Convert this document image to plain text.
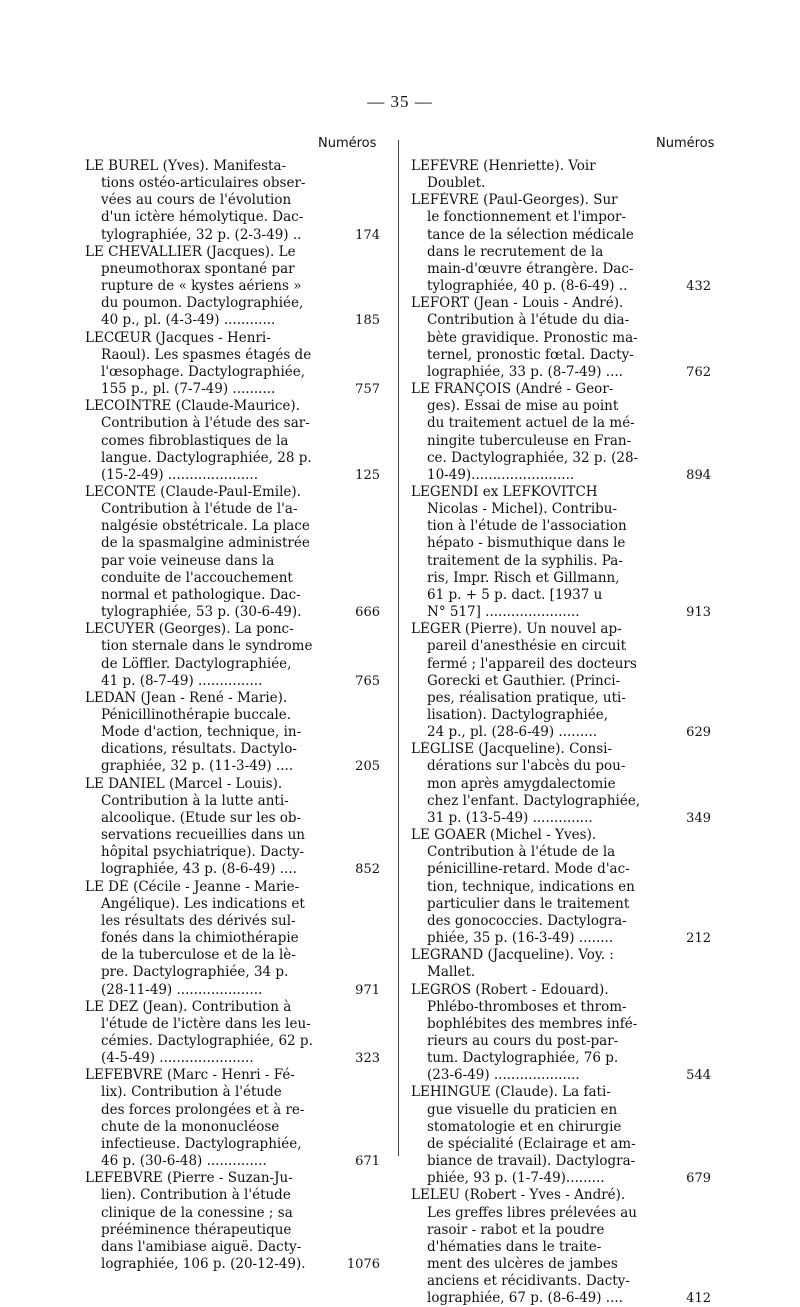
— 35 —
Numéros	Numéros
LE BUREL (Yves). Manifesta-
tions ostéo-articulaires obser-
vées au cours de l'évolution
d'un ictère hémolytique. Dac-
tylographiée, 32 p. (2-3-49) ..	174
LE CHEVALLIER (Jacques). Le
pneumothorax spontané par
rupture de « kystes aériens »
du poumon. Dactylographiée,
40 p., pl. (4-3-49) ............	185
LECŒUR (Jacques - Henri-
Raoul). Les spasmes étagés de
l'œsophage. Dactylographiée,
155 p., pl. (7-7-49) ..........	757
LECOINTRE (Claude-Maurice).
Contribution à l'étude des sar-
comes fibroblastiques de la
langue. Dactylographiée, 28 p.
(15-2-49) .....................	125
LECONTE (Claude-Paul-Emile).
Contribution à l'étude de l'a-
nalgésie obstétricale. La place
de la spasmalgine administrée
par voie veineuse dans la
conduite de l'accouchement
normal et pathologique. Dac-
tylographiée, 53 p. (30-6-49).	666
LECUYER (Georges). La ponc-
tion sternale dans le syndrome
de Löffler. Dactylographiée,
41 p. (8-7-49) ...............	765
LEDAN (Jean - René - Marie).
Pénicillinothérapie buccale.
Mode d'action, technique, in-
dications, résultats. Dactylo-
graphiée, 32 p. (11-3-49) ....	205
LE DANIEL (Marcel - Louis).
Contribution à la lutte anti-
alcoolique. (Etude sur les ob-
servations recueillies dans un
hôpital psychiatrique). Dacty-
lographiée, 43 p. (8-6-49) ....	852
LE DÉ (Cécile - Jeanne - Marie-
Angélique). Les indications et
les résultats des dérivés sul-
fonés dans la chimiothérapie
de la tuberculose et de la lè-
pre. Dactylographiée, 34 p.
(28-11-49) ....................	971
LE DEZ (Jean). Contribution à
l'étude de l'ictère dans les leu-
cémies. Dactylographiée, 62 p.
(4-5-49) ......................	323
LEFEBVRE (Marc - Henri - Fé-
lix). Contribution à l'étude
des forces prolongées et à re-
chute de la mononucléose
infectieuse. Dactylographiée,
46 p. (30-6-48) ..............	671
LEFEBVRE (Pierre - Suzan-Ju-
lien). Contribution à l'étude
clinique de la conessine ; sa
prééminence thérapeutique
dans l'amibiase aiguë. Dacty-
lographiée, 106 p. (20-12-49).	1076
LEFÈVRE (Henriette). Voir
Doublet.
LEFÈVRE (Paul-Georges). Sur
le fonctionnement et l'impor-
tance de la sélection médicale
dans le recrutement de la
main-d'œuvre étrangère. Dac-
tylographiée, 40 p. (8-6-49) ..	432
LEFORT (Jean - Louis - André).
Contribution à l'étude du dia-
bète gravidique. Pronostic ma-
ternel, pronostic fœtal. Dacty-
lographiée, 33 p. (8-7-49) ....	762
LE FRANÇOIS (André - Geor-
ges). Essai de mise au point
du traitement actuel de la mé-
ningite tuberculeuse en Fran-
ce. Dactylographiée, 32 p. (28-
10-49)........................	894
LEGENDI ex LEFKOVITCH
Nicolas - Michel). Contribu-
tion à l'étude de l'association
hépato - bismuthique dans le
traitement de la syphilis. Pa-
ris, Impr. Risch et Gillmann,
61 p. + 5 p. dact. [1937 u
N° 517] ......................	913
LÉGER (Pierre). Un nouvel ap-
pareil d'anesthésie en circuit
fermé ; l'appareil des docteurs
Gorecki et Gauthier. (Princi-
pes, réalisation pratique, uti-
lisation). Dactylographiée,
24 p., pl. (28-6-49) .........	629
LÉGLISE (Jacqueline). Consi-
dérations sur l'abcès du pou-
mon après amygdalectomie
chez l'enfant. Dactylographiée,
31 p. (13-5-49) ..............	349
LE GOAER (Michel - Yves).
Contribution à l'étude de la
pénicilline-retard. Mode d'ac-
tion, technique, indications en
particulier dans le traitement
des gonococcies. Dactylogra-
phiée, 35 p. (16-3-49) ........	212
LEGRAND (Jacqueline). Voy. :
Mallet.
LEGROS (Robert - Edouard).
Phlébo-thromboses et throm-
bophlébites des membres infé-
rieurs au cours du post-par-
tum. Dactylographiée, 76 p.
(23-6-49) ....................	544
LEHINGUE (Claude). La fati-
gue visuelle du praticien en
stomatologie et en chirurgie
de spécialité (Eclairage et am-
biance de travail). Dactylogra-
phiée, 93 p. (1-7-49).........	679
LELEU (Robert - Yves - André).
Les greffes libres prélevées au
rasoir - rabot et la poudre
d'hématies dans le traite-
ment des ulcères de jambes
anciens et récidivants. Dacty-
lographiée, 67 p. (8-6-49) ....	412
